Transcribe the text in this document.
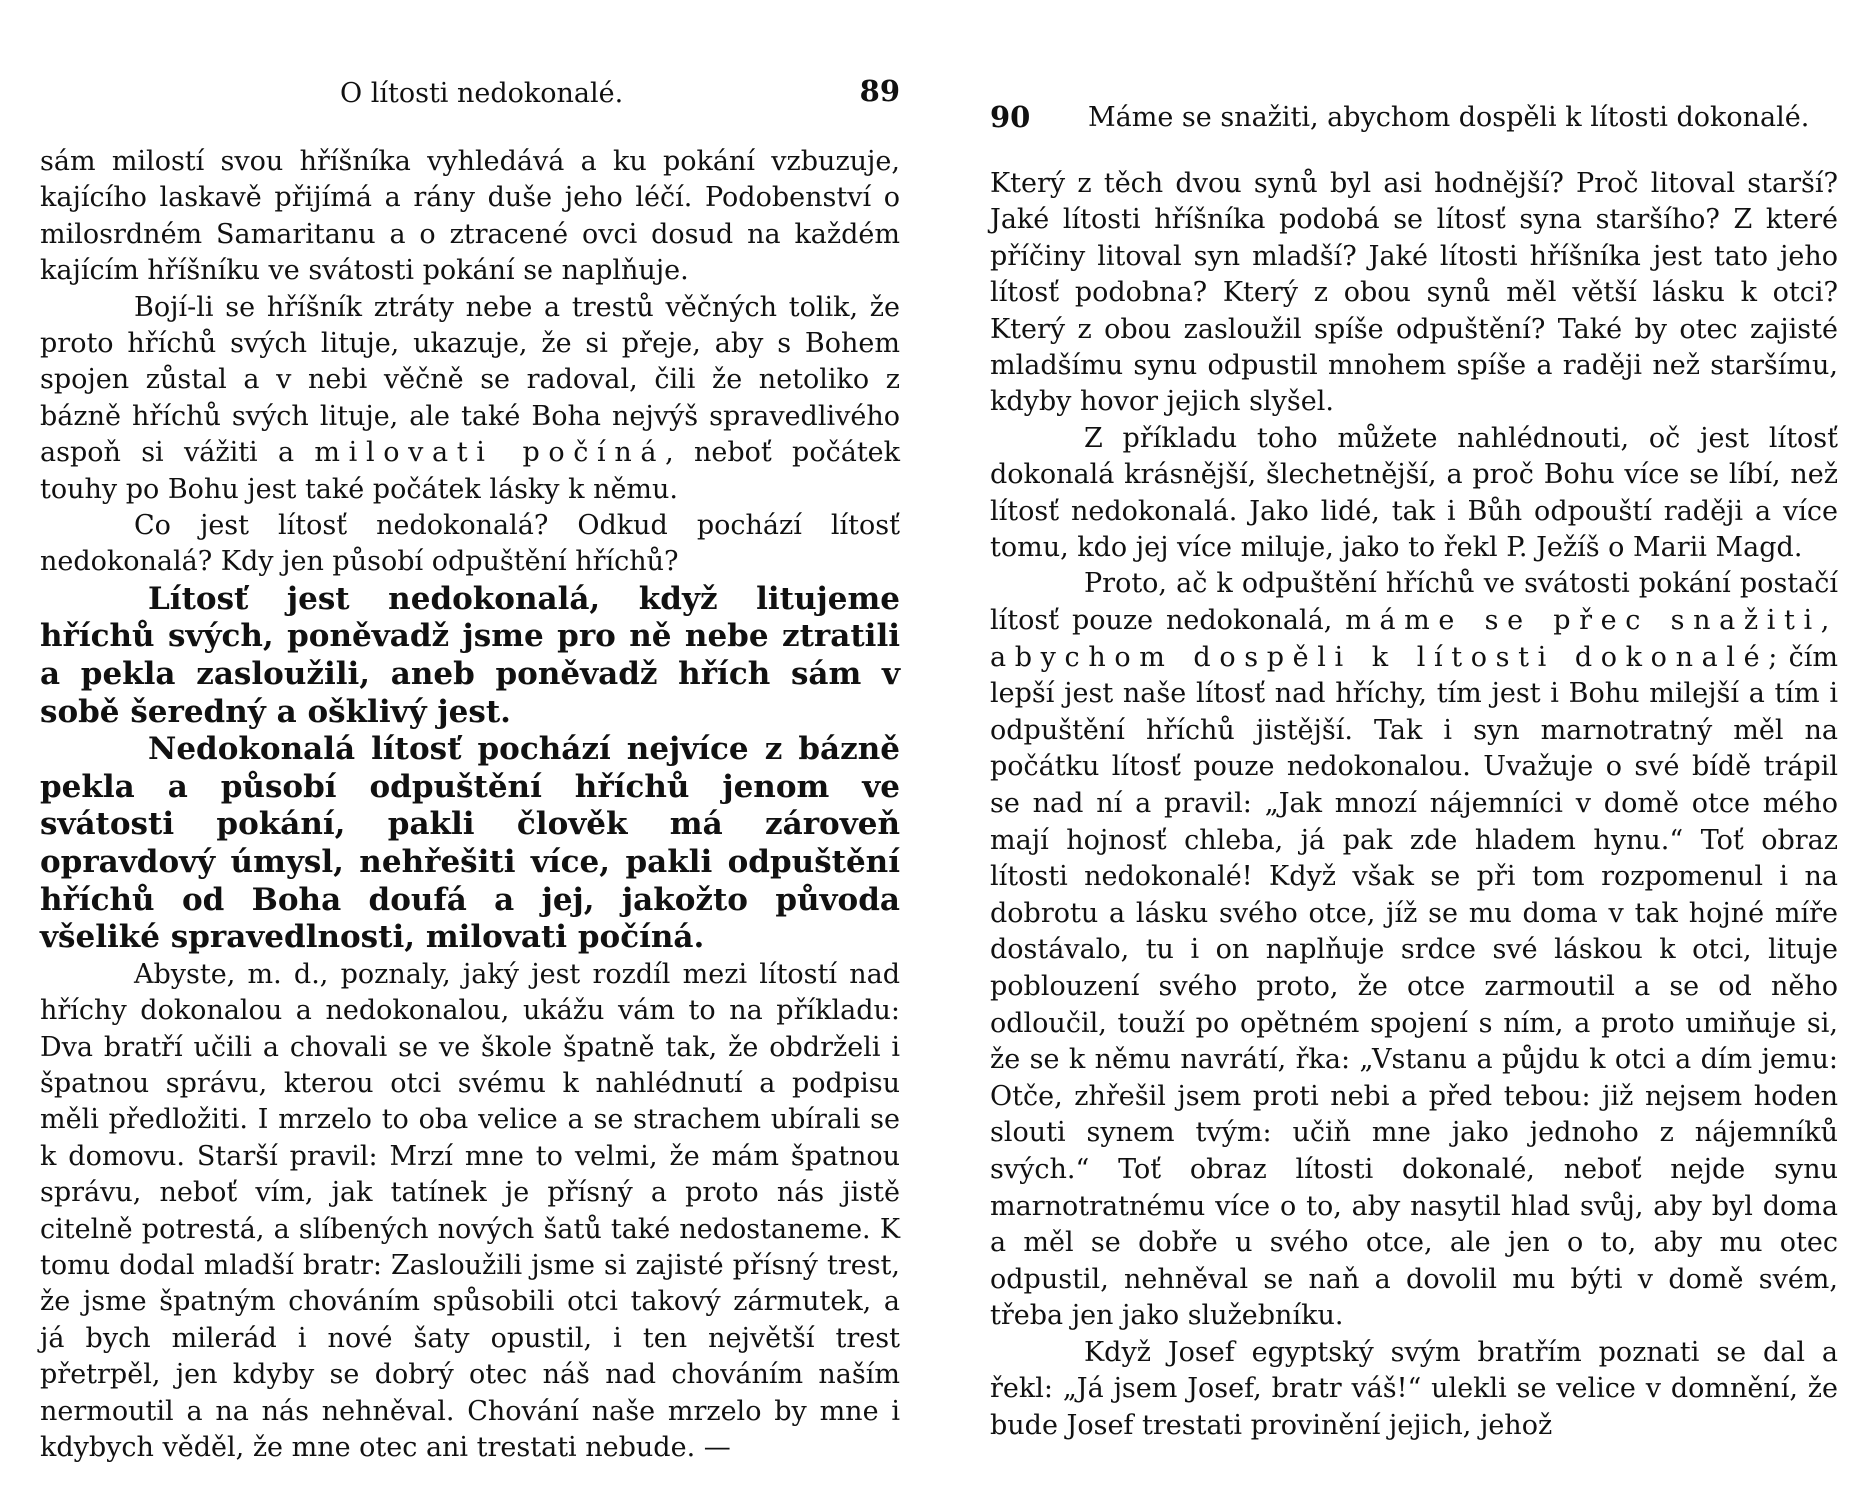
O lítosti nedokonalé.	89

sám milostí svou hříšníka vyhledává a ku pokání vzbuzuje, kajícího laskavě přijímá a rány duše jeho léčí. Podobenství o milosrdném Samaritanu a o ztracené ovci dosud na každém kajícím hříšníku ve svátosti pokání se naplňuje.

Bojí-li se hříšník ztráty nebe a trestů věčných tolik, že proto hříchů svých lituje, ukazuje, že si přeje, aby s Bohem spojen zůstal a v nebi věčně se radoval, čili že netoliko z bázně hříchů svých lituje, ale také Boha nejvýš spravedlivého aspoň si vážiti a milovati počíná, neboť počátek touhy po Bohu jest také počátek lásky k němu.

Co jest lítosť nedokonalá? Odkud pochází lítosť nedokonalá? Kdy jen působí odpuštění hříchů?

Lítosť jest nedokonalá, když litujeme hříchů svých, poněvadž jsme pro ně nebe ztratili a pekla zasloužili, aneb poněvadž hřích sám v sobě šeredný a ošklivý jest.

Nedokonalá lítosť pochází nejvíce z bázně pekla a působí odpuštění hříchů jenom ve svátosti pokání, pakli člověk má zároveň opravdový úmysl, nehřešiti více, pakli odpuštění hříchů od Boha doufá a jej, jakožto původa všeliké spravedlnosti, milovati počíná.

Abyste, m. d., poznaly, jaký jest rozdíl mezi lítostí nad hříchy dokonalou a nedokonalou, ukážu vám to na příkladu: Dva bratří učili a chovali se ve škole špatně tak, že obdrželi i špatnou správu, kterou otci svému k nahlédnutí a podpisu měli předložiti. I mrzelo to oba velice a se strachem ubírali se k domovu. Starší pravil: Mrzí mne to velmi, že mám špatnou správu, neboť vím, jak tatínek je přísný a proto nás jistě citelně potrestá, a slíbených nových šatů také nedostaneme. K tomu dodal mladší bratr: Zasloužili jsme si zajisté přísný trest, že jsme špatným chováním spůsobili otci takový zármutek, a já bych milerád i nové šaty opustil, i ten největší trest přetrpěl, jen kdyby se dobrý otec náš nad chováním naším nermoutil a na nás nehněval. Chování naše mrzelo by mne i kdybych věděl, že mne otec ani trestati nebude. —

90 Máme se snažiti, abychom dospěli k lítosti dokonalé.

Který z těch dvou synů byl asi hodnější? Proč litoval starší? Jaké lítosti hříšníka podobá se lítosť syna staršího? Z které příčiny litoval syn mladší? Jaké lítosti hříšníka jest tato jeho lítosť podobna? Který z obou synů měl větší lásku k otci? Který z obou zasloužil spíše odpuštění? Také by otec zajisté mladšímu synu odpustil mnohem spíše a raději než staršímu, kdyby hovor jejich slyšel.

Z příkladu toho můžete nahlédnouti, oč jest lítosť dokonalá krásnější, šlechetnější, a proč Bohu více se líbí, než lítosť nedokonalá. Jako lidé, tak i Bůh odpouští raději a více tomu, kdo jej více miluje, jako to řekl P. Ježíš o Marii Magd.

Proto, ač k odpuštění hříchů ve svátosti pokání postačí lítosť pouze nedokonalá, máme se přec snažiti, abychom dospěli k lítosti dokonalé; čím lepší jest naše lítosť nad hříchy, tím jest i Bohu milejší a tím i odpuštění hříchů jistější. Tak i syn marnotratný měl na počátku lítosť pouze nedokonalou. Uvažuje o své bídě trápil se nad ní a pravil: „Jak mnozí nájemníci v domě otce mého mají hojnosť chleba, já pak zde hladem hynu.“ Toť obraz lítosti nedokonalé! Když však se při tom rozpomenul i na dobrotu a lásku svého otce, jíž se mu doma v tak hojné míře dostávalo, tu i on naplňuje srdce své láskou k otci, lituje poblouzení svého proto, že otce zarmoutil a se od něho odloučil, touží po opětném spojení s ním, a proto umiňuje si, že se k němu navrátí, řka: „Vstanu a půjdu k otci a dím jemu: Otče, zhřešil jsem proti nebi a před tebou: již nejsem hoden slouti synem tvým: učiň mne jako jednoho z nájemníků svých.“ Toť obraz lítosti dokonalé, neboť nejde synu marnotratnému více o to, aby nasytil hlad svůj, aby byl doma a měl se dobře u svého otce, ale jen o to, aby mu otec odpustil, nehněval se naň a dovolil mu býti v domě svém, třeba jen jako služebníku.

Když Josef egyptský svým bratřím poznati se dal a řekl: „Já jsem Josef, bratr váš!“ ulekli se velice v domnění, že bude Josef trestati provinění jejich, jehož
